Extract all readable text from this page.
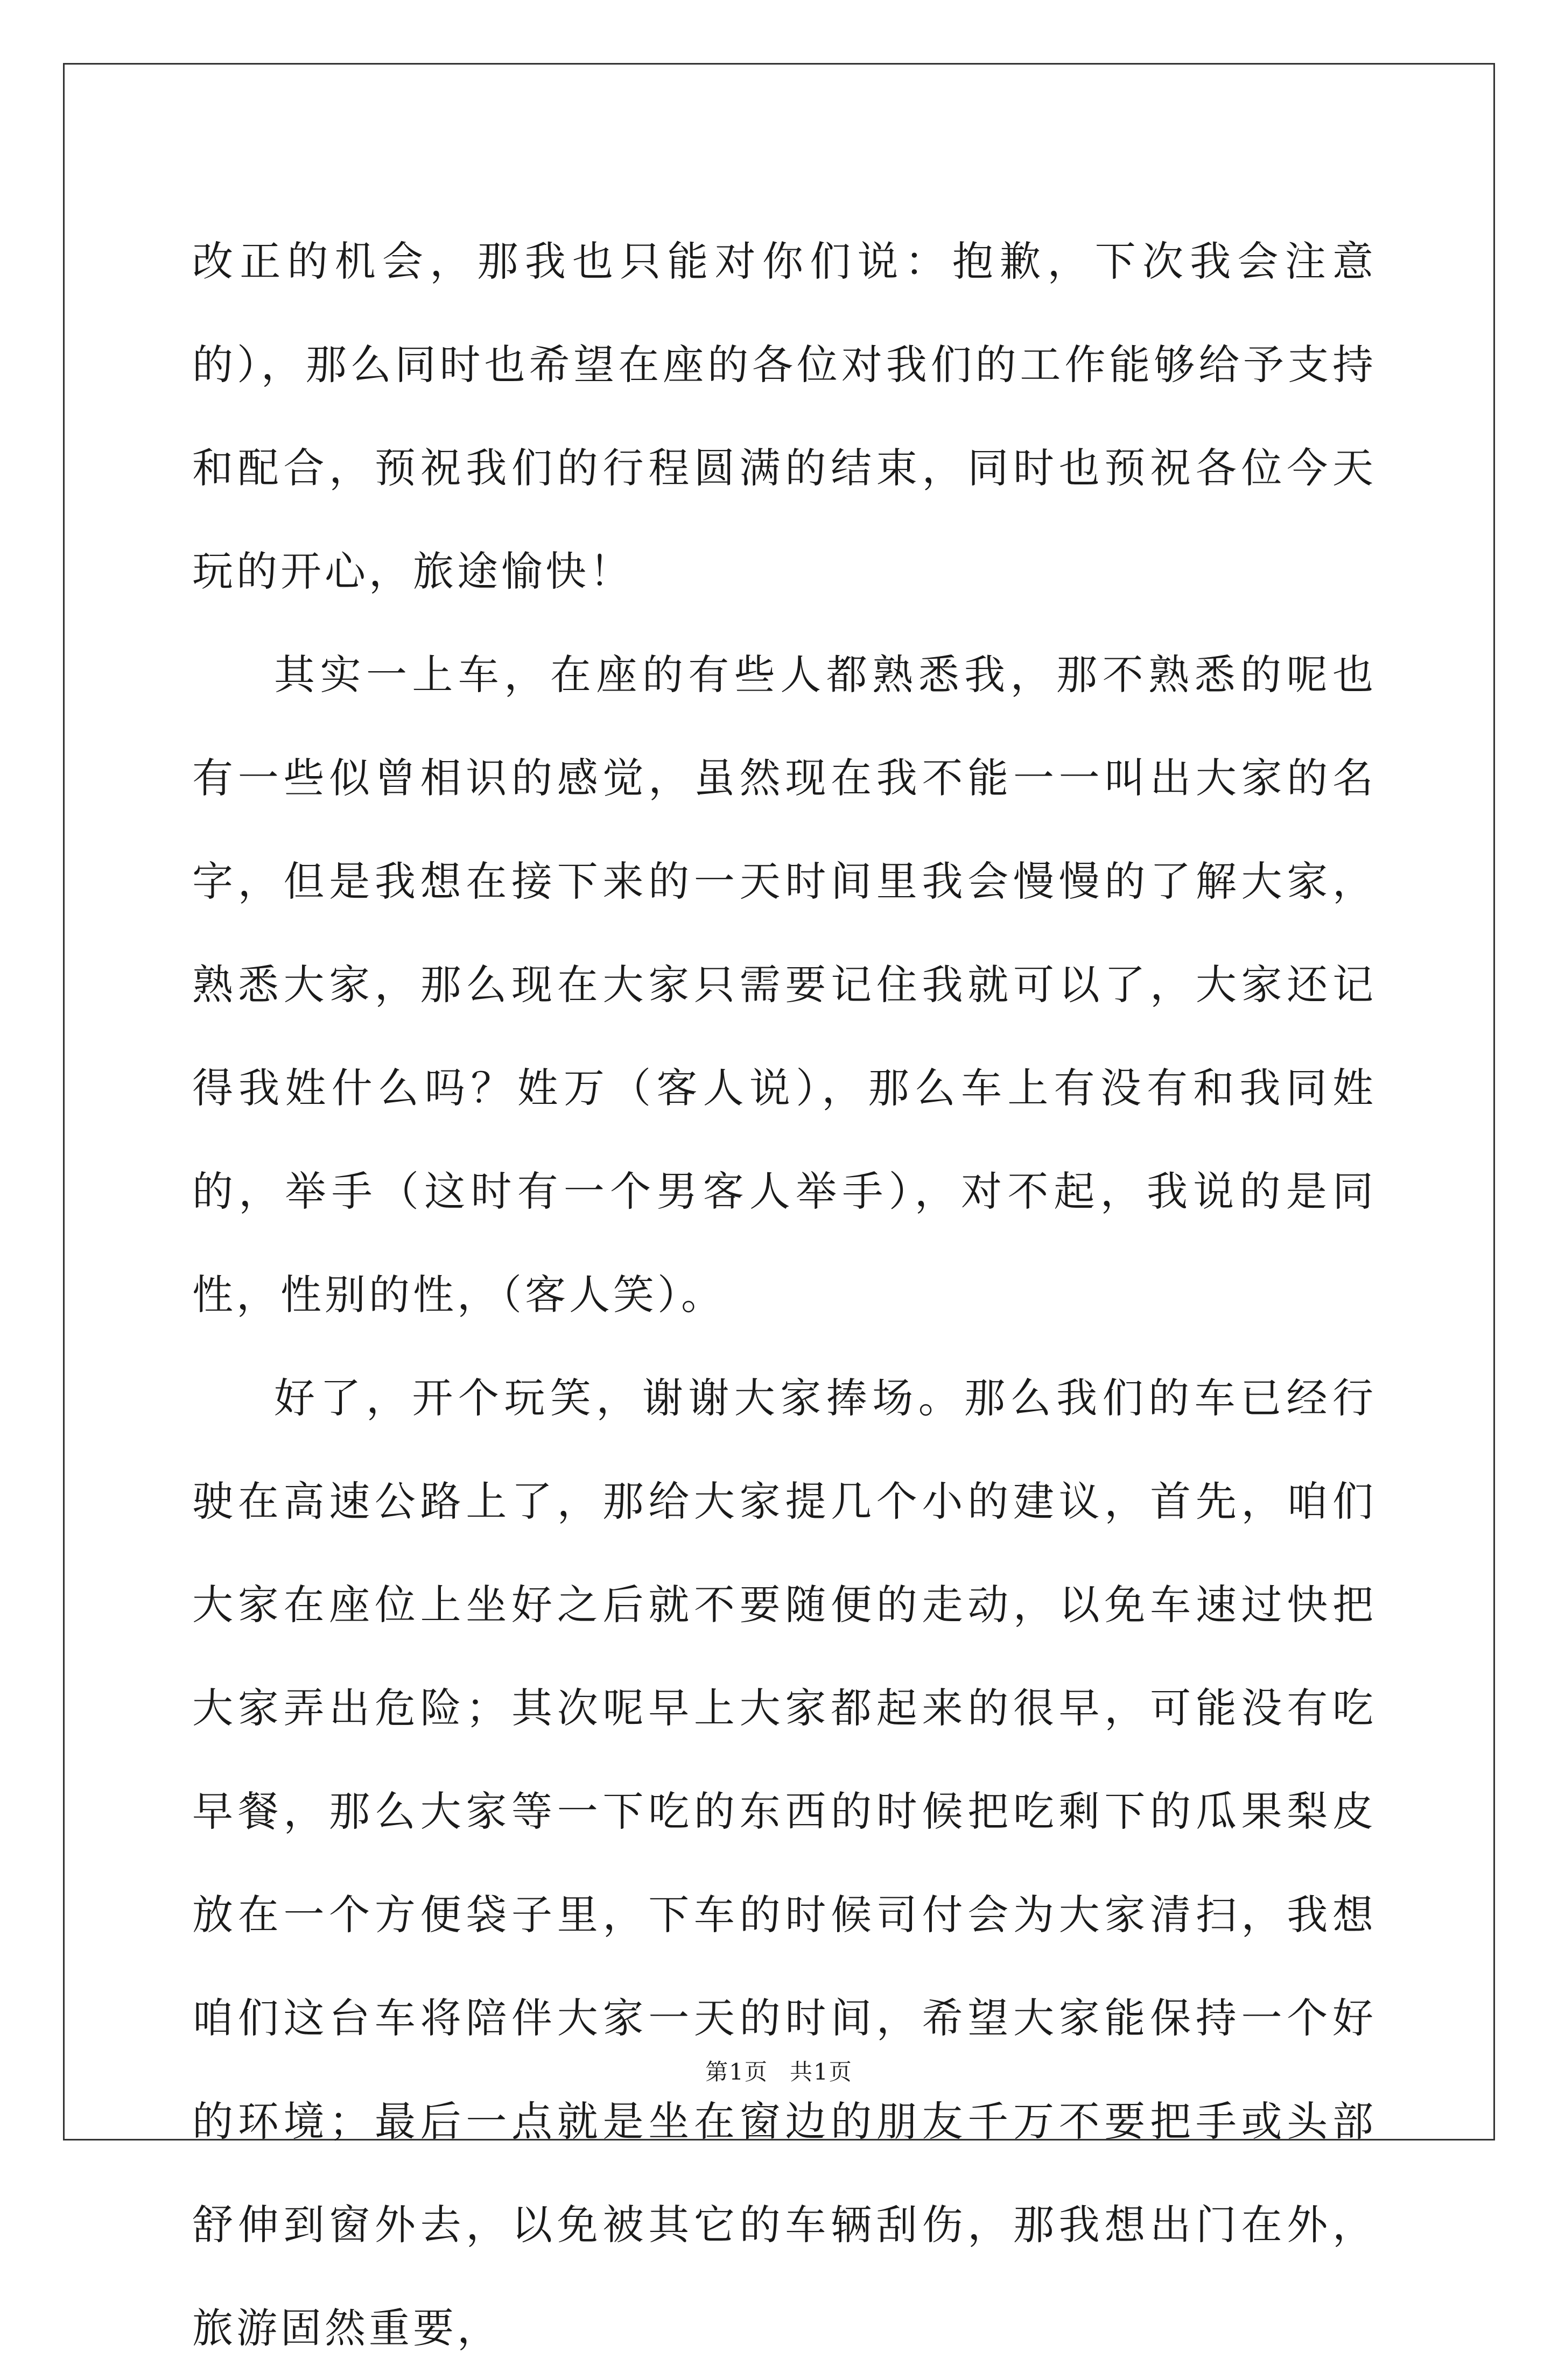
改正的机会，那我也只能对你们说：抱歉，下次我会注意的），那么同时也希望在座的各位对我们的工作能够给予支持和配合，预祝我们的行程圆满的结束，同时也预祝各位今天玩的开心，旅途愉快！

其实一上车，在座的有些人都熟悉我，那不熟悉的呢也有一些似曾相识的感觉，虽然现在我不能一一叫出大家的名字，但是我想在接下来的一天时间里我会慢慢的了解大家，熟悉大家，那么现在大家只需要记住我就可以了，大家还记得我姓什么吗？姓万（客人说），那么车上有没有和我同姓的，举手（这时有一个男客人举手），对不起，我说的是同性，性别的性，（客人笑）。

好了，开个玩笑，谢谢大家捧场。那么我们的车已经行驶在高速公路上了，那给大家提几个小的建议，首先，咱们大家在座位上坐好之后就不要随便的走动，以免车速过快把大家弄出危险；其次呢早上大家都起来的很早，可能没有吃早餐，那么大家等一下吃的东西的时候把吃剩下的瓜果梨皮放在一个方便袋子里，下车的时候司付会为大家清扫，我想咱们这台车将陪伴大家一天的时间，希望大家能保持一个好的环境；最后一点就是坐在窗边的朋友千万不要把手或头部舒伸到窗外去，以免被其它的车辆刮伤，那我想出门在外，旅游固然重要，

第1页 共1页
